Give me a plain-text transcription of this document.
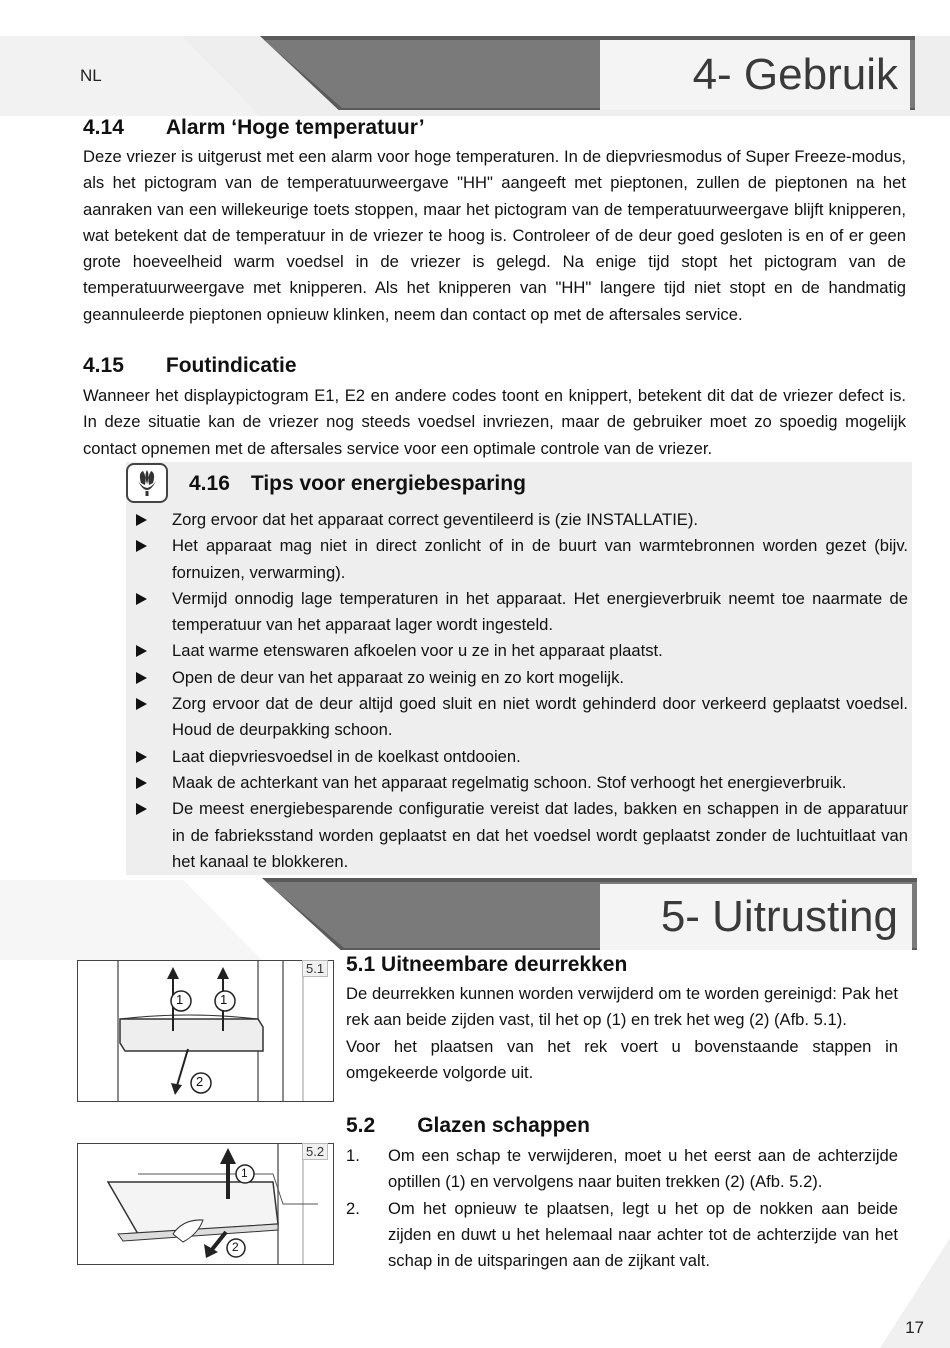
4- Gebruik
NL
4.14  Alarm ‘Hoge temperatuur’

Deze vriezer is uitgerust met een alarm voor hoge temperaturen. In de diepvriesmodus of Super Freeze-modus, als het pictogram van de temperatuurweergave "HH" aangeeft met pieptonen, zullen de pieptonen na het aanraken van een willekeurige toets stoppen, maar het pictogram van de temperatuurweergave blijft knipperen, wat betekent dat de temperatuur in de vriezer te hoog is. Controleer of de deur goed gesloten is en of er geen grote hoeveelheid warm voedsel in de vriezer is gelegd. Na enige tijd stopt het pictogram van de temperatuurweergave met knipperen. Als het knipperen van "HH" langere tijd niet stopt en de handmatig geannuleerde pieptonen opnieuw klinken, neem dan contact op met de aftersales service.

4.15  Foutindicatie

Wanneer het displaypictogram E1, E2 en andere codes toont en knippert, betekent dit dat de vriezer defect is. In deze situatie kan de vriezer nog steeds voedsel invriezen, maar de gebruiker moet zo spoedig mogelijk contact opnemen met de aftersales service voor een optimale controle van de vriezer.

4.16 Tips voor energiebesparing
Zorg ervoor dat het apparaat correct geventileerd is (zie INSTALLATIE).
Het apparaat mag niet in direct zonlicht of in de buurt van warmtebronnen worden gezet (bijv. fornuizen, verwarming).
Vermijd onnodig lage temperaturen in het apparaat. Het energieverbruik neemt toe naarmate de temperatuur van het apparaat lager wordt ingesteld.
Laat warme etenswaren afkoelen voor u ze in het apparaat plaatst.
Open de deur van het apparaat zo weinig en zo kort mogelijk.
Zorg ervoor dat de deur altijd goed sluit en niet wordt gehinderd door verkeerd geplaatst voedsel. Houd de deurpakking schoon.
Laat diepvriesvoedsel in de koelkast ontdooien.
Maak de achterkant van het apparaat regelmatig schoon. Stof verhoogt het energieverbruik.
De meest energiebesparende configuratie vereist dat lades, bakken en schappen in de apparatuur in de fabrieksstand worden geplaatst en dat het voedsel wordt geplaatst zonder de luchtuitlaat van het kanaal te blokkeren.
5- Uitrusting
1	1
2
5.1
1
2
5.2
5.1 Uitneembare deurrekken

De deurrekken kunnen worden verwijderd om te worden gereinigd: Pak het rek aan beide zijden vast, til het op (1) en trek het weg (2) (Afb. 5.1).

Voor het plaatsen van het rek voert u bovenstaande stappen in omgekeerde volgorde uit.

5.2  Glazen schappen
1. Om een schap te verwijderen, moet u het eerst aan de achterzijde optillen (1) en vervolgens naar buiten trekken (2) (Afb. 5.2).
2. Om het opnieuw te plaatsen, legt u het op de nokken aan beide zijden en duwt u het helemaal naar achter tot de achterzijde van het schap in de uitsparingen aan de zijkant valt.
17
